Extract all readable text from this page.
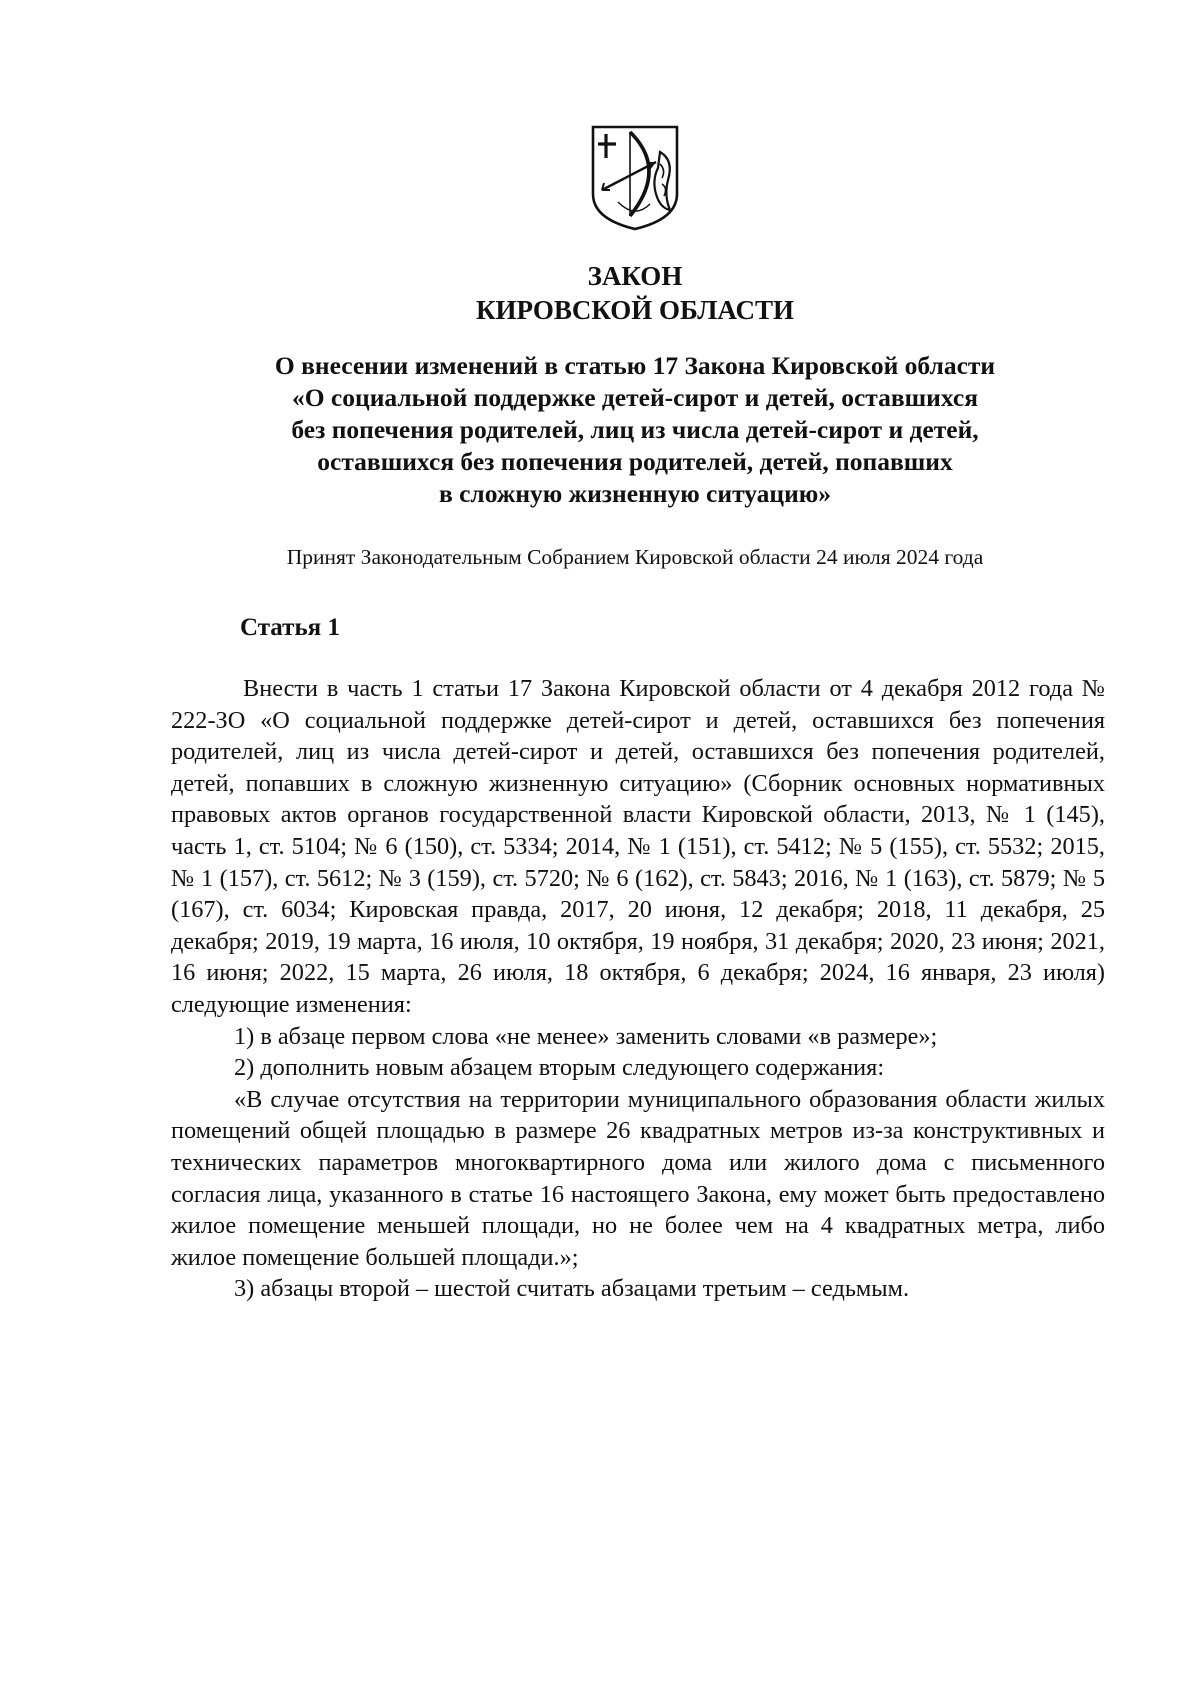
ЗАКОН
КИРОВСКОЙ ОБЛАСТИ
О внесении изменений в статью 17 Закона Кировской области
«О социальной поддержке детей-сирот и детей, оставшихся
без попечения родителей, лиц из числа детей-сирот и детей,
оставшихся без попечения родителей, детей, попавших
в сложную жизненную ситуацию»
Принят Законодательным Собранием Кировской области 24 июля 2024 года
Статья 1

Внести в часть 1 статьи 17 Закона Кировской области от 4 декабря 2012 года № 222-ЗО «О социальной поддержке детей-сирот и детей, оставшихся без попечения родителей, лиц из числа детей-сирот и детей, оставшихся без попечения родителей, детей, попавших в сложную жизненную ситуацию» (Сборник основных нормативных правовых актов органов государственной власти Кировской области, 2013, № 1 (145), часть 1, ст. 5104; № 6 (150), ст. 5334; 2014, № 1 (151), ст. 5412; № 5 (155), ст. 5532; 2015, № 1 (157), ст. 5612; № 3 (159), ст. 5720; № 6 (162), ст. 5843; 2016, № 1 (163), ст. 5879; № 5 (167), ст. 6034; Кировская правда, 2017, 20 июня, 12 декабря; 2018, 11 декабря, 25 декабря; 2019, 19 марта, 16 июля, 10 октября, 19 ноября, 31 декабря; 2020, 23 июня; 2021, 16 июня; 2022, 15 марта, 26 июля, 18 октября, 6 декабря; 2024, 16 января, 23 июля) следующие изменения:

1) в абзаце первом слова «не менее» заменить словами «в размере»;

2) дополнить новым абзацем вторым следующего содержания:

«В случае отсутствия на территории муниципального образования области жилых помещений общей площадью в размере 26 квадратных метров из-за конструктивных и технических параметров многоквартирного дома или жилого дома с письменного согласия лица, указанного в статье 16 настоящего Закона, ему может быть предоставлено жилое помещение меньшей площади, но не более чем на 4 квадратных метра, либо жилое помещение большей площади.»;

3) абзацы второй – шестой считать абзацами третьим – седьмым.
